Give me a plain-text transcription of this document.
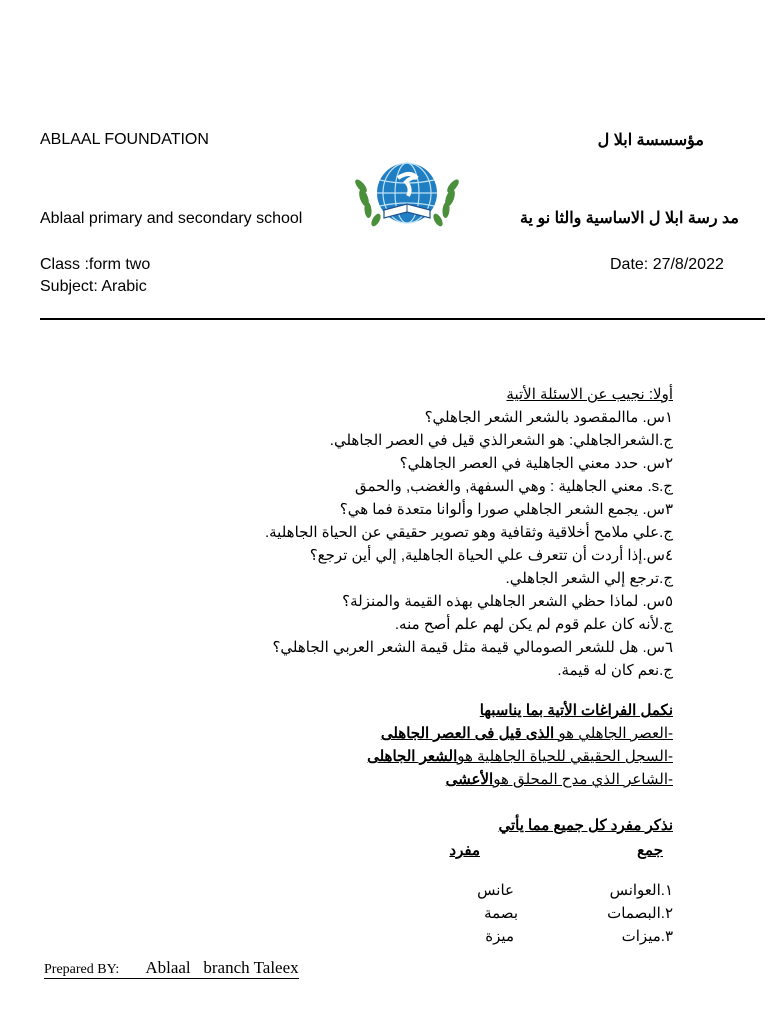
ABLAAL FOUNDATION	مؤسسسة ابلا ل
Ablaal primary and secondary school	مد رسة ابلا ل الاساسية والثا نو ية
Class :form two
Subject: Arabic
Date: 27/8/2022
أولا: نجيب عن الاسئلة الأتية
١س. ماالمقصود بالشعر الشعر الجاهلي؟
ج.الشعرالجاهلي: هو الشعرالذي قيل في العصر الجاهلي.
٢س. حدد معني الجاهلية في العصر الجاهلي؟
ج.s. معني الجاهلية : وهي السفهة, والغضب, والحمق
٣س. يجمع الشعر الجاهلي صورا وألوانا متعدة فما هي؟
ج.علي ملامح أخلاقية وثقافية وهو تصوير حقيقي عن الحياة الجاهلية.
٤س.إذا أردت أن تتعرف علي الحياة الجاهلية, إلي أين ترجع؟
ج.ترجع إلي الشعر الجاهلي.
٥س. لماذا حظي الشعر الجاهلي بهذه القيمة والمنزلة؟
ج.لأنه كان علم قوم لم يكن لهم علم أصح منه.
٦س. هل للشعر الصومالي قيمة مثل قيمة الشعر العربي الجاهلي؟
ج.نعم كان له قيمة.
نكمل الفراغات الأتية بما يناسبها
-العصر الجاهلي هو الذى قيل فى العصر الجاهلى
-السجل الحقيقي للحياة الجاهلية هوالشعر الجاهلى
-الشاعر الذي مدح المحلق هوالأعشى
نذكر مفرد كل جميع مما يأتي
جمع
مفرد
١.العوانس
عانس
٢.البصمات
بصمة
٣.ميزات
ميزة
Prepared BY: Ablaal   branch Taleex
